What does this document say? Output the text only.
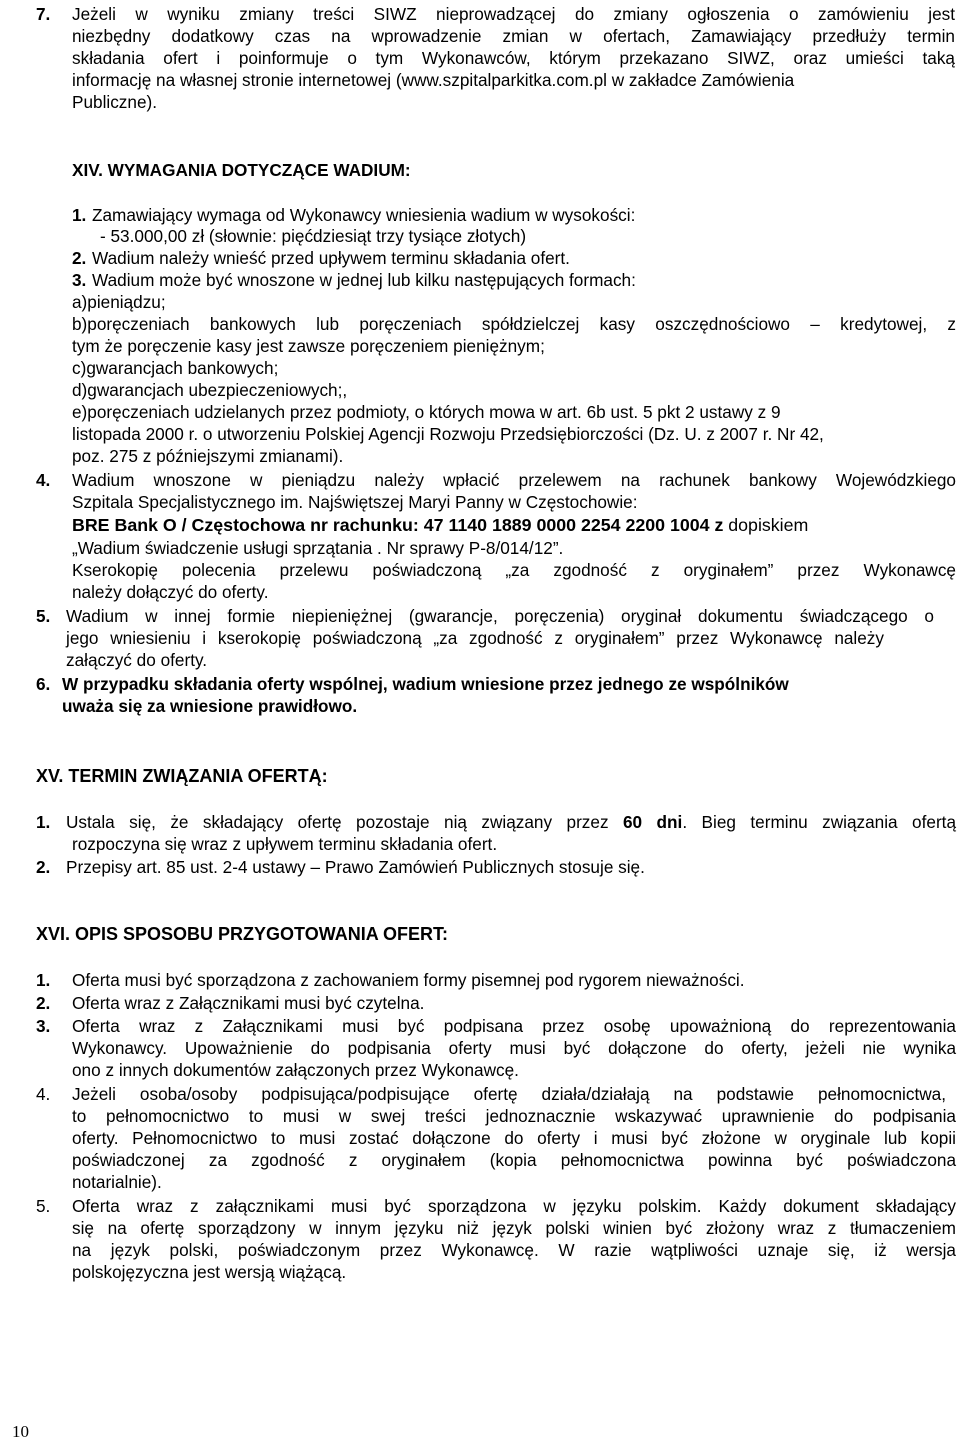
7. Jeżeli w wyniku zmiany treści SIWZ nieprowadzącej do zmiany ogłoszenia o zamówieniu jest
niezbędny dodatkowy czas na wprowadzenie zmian w ofertach, Zamawiający przedłuży termin
składania ofert i poinformuje o tym Wykonawców, którym przekazano SIWZ, oraz umieści taką
informację na własnej stronie internetowej (www.szpitalparkitka.com.pl w zakładce Zamówienia
Publiczne).
XIV. WYMAGANIA DOTYCZĄCE WADIUM:
1. Zamawiający wymaga od Wykonawcy wniesienia wadium w wysokości:
- 53.000,00 zł (słownie: pięćdziesiąt trzy tysiące złotych)
2. Wadium należy wnieść przed upływem terminu składania ofert.
3. Wadium może być wnoszone w jednej lub kilku następujących formach:
a)pieniądzu;
b)poręczeniach bankowych lub poręczeniach spółdzielczej kasy oszczędnościowo – kredytowej, z
tym że poręczenie kasy jest zawsze poręczeniem pieniężnym;
c)gwarancjach bankowych;
d)gwarancjach ubezpieczeniowych;,
e)poręczeniach udzielanych przez podmioty, o których mowa w art. 6b ust. 5 pkt 2 ustawy z 9
listopada 2000 r. o utworzeniu Polskiej Agencji Rozwoju Przedsiębiorczości (Dz. U. z 2007 r. Nr 42,
poz. 275 z późniejszymi zmianami).
4. Wadium wnoszone w pieniądzu należy wpłacić przelewem na rachunek bankowy Wojewódzkiego
Szpitala Specjalistycznego im. Najświętszej Maryi Panny w Częstochowie:
BRE Bank O / Częstochowa nr rachunku: 47 1140 1889 0000 2254 2200 1004 z dopiskiem
„Wadium świadczenie usługi sprzątania . Nr sprawy P-8/014/12”.
Kserokopię polecenia przelewu poświadczoną „za zgodność z oryginałem” przez Wykonawcę
należy dołączyć do oferty.
5. Wadium w innej formie niepieniężnej (gwarancje, poręczenia) oryginał dokumentu świadczącego o
jego wniesieniu i kserokopię poświadczoną „za zgodność z oryginałem” przez Wykonawcę należy
załączyć do oferty.
6. W przypadku składania oferty wspólnej, wadium wniesione przez jednego ze wspólników
uważa się za wniesione prawidłowo.
XV. TERMIN ZWIĄZANIA OFERTĄ:
1. Ustala się, że składający ofertę pozostaje nią związany przez 60 dni. Bieg terminu związania ofertą
rozpoczyna się wraz z upływem terminu składania ofert.
2. Przepisy art. 85 ust. 2-4 ustawy – Prawo Zamówień Publicznych stosuje się.
XVI. OPIS SPOSOBU PRZYGOTOWANIA OFERT:
1. Oferta musi być sporządzona z zachowaniem formy pisemnej pod rygorem nieważności.
2. Oferta wraz z Załącznikami musi być czytelna.
3. Oferta wraz z Załącznikami musi być podpisana przez osobę upoważnioną do reprezentowania
Wykonawcy. Upoważnienie do podpisania oferty musi być dołączone do oferty, jeżeli nie wynika
ono z innych dokumentów załączonych przez Wykonawcę.
4. Jeżeli osoba/osoby podpisująca/podpisujące ofertę działa/działają na podstawie pełnomocnictwa,
to pełnomocnictwo to musi w swej treści jednoznacznie wskazywać uprawnienie do podpisania
oferty. Pełnomocnictwo to musi zostać dołączone do oferty i musi być złożone w oryginale lub kopii
poświadczonej za zgodność z oryginałem (kopia pełnomocnictwa powinna być poświadczona
notarialnie).
5. Oferta wraz z załącznikami musi być sporządzona w języku polskim. Każdy dokument składający
się na ofertę sporządzony w innym języku niż język polski winien być złożony wraz z tłumaczeniem
na język polski, poświadczonym przez Wykonawcę. W razie wątpliwości uznaje się, iż wersja
polskojęzyczna jest wersją wiążącą.
10
